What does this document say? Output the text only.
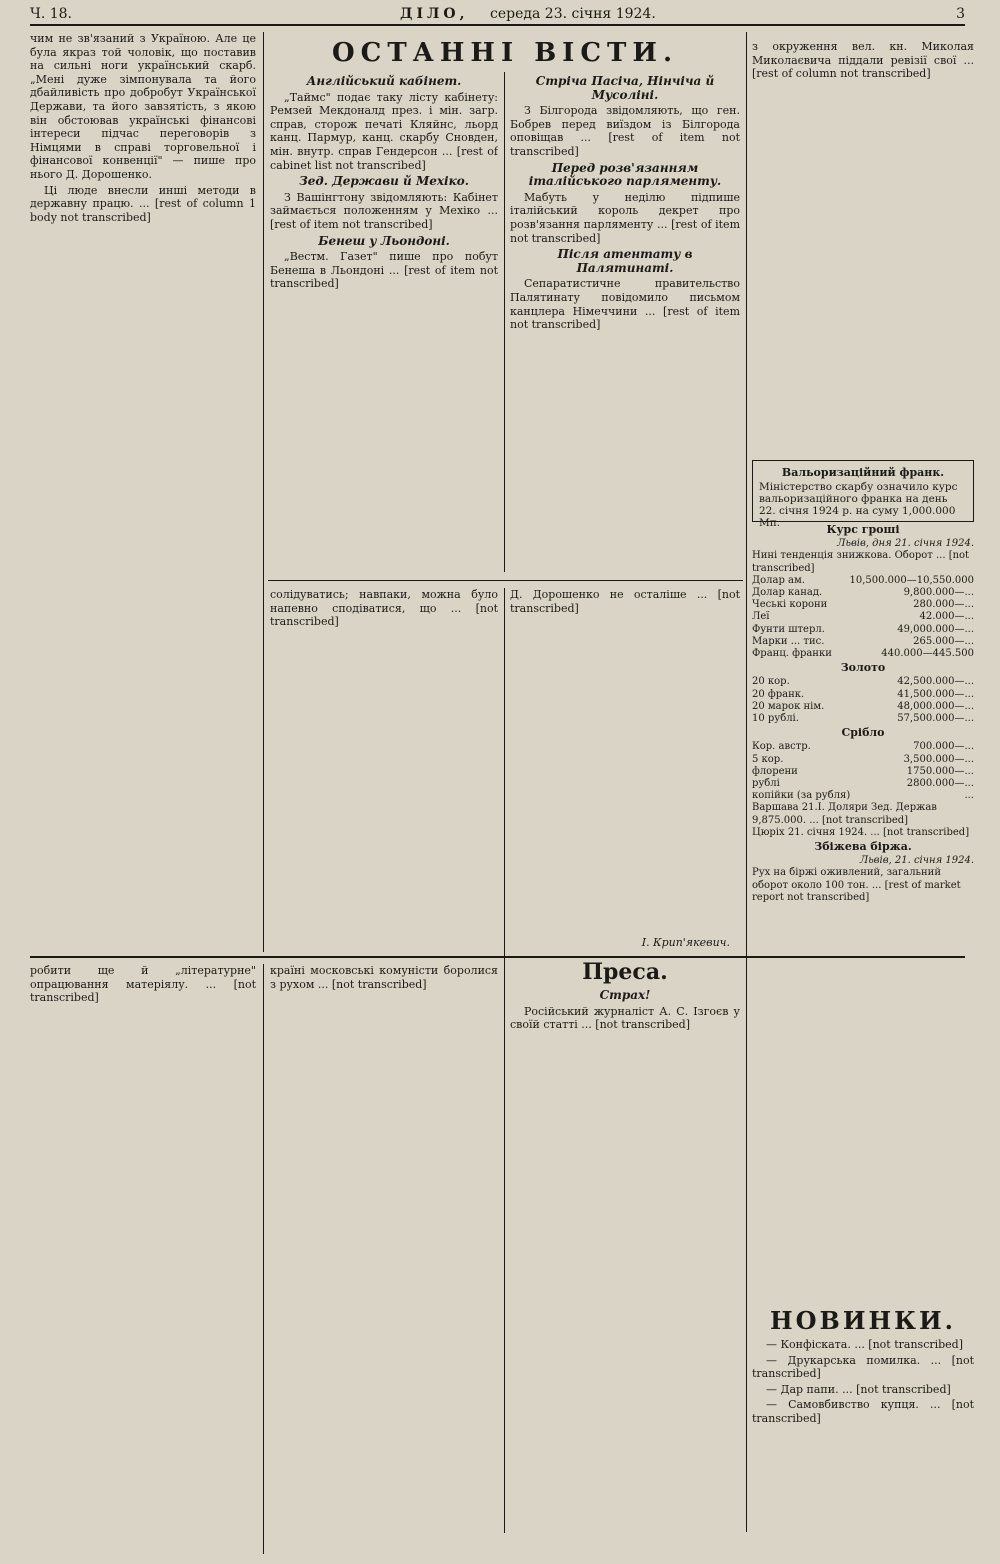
Ч. 18.	ДІЛО, середа 23. січня 1924.	3

чим не зв'язаний з Україною. Але це була якраз той чоловік, що поставив на сильні ноги український скарб. „Мені дуже зімпонувала та його дбайливість про добробут Української Держави, та його завзятість, з якою він обстоював українські фінансові інтереси підчас переговорів з Німцями в справі торговельної і фінансової конвенції" — пише про нього Д. Дорошенко.

Ці люде внесли инші методи в державну працю. ... [rest of column 1 body not transcribed]

ОСТАННІ ВІСТИ.
Англійський кабінет.

„Таймс" подає таку лісту кабінету: Ремзей Мекдоналд през. і мін. загр. справ, сторож печаті Кляйнс, льорд канц. Пармур, канц. скарбу Сновден, мін. внутр. справ Гендерсон ... [rest of cabinet list not transcribed]

Зед. Держави й Мехіко.

З Вашінгтону звідомляють: Кабінет займається положенням у Мехіко ... [rest of item not transcribed]

Бенеш у Льондоні.

„Вестм. Газет" пише про побут Бенеша в Льондоні ... [rest of item not transcribed]

Стріча Пасіча, Нінчіча й Мусоліні.

З Білгорода звідомляють, що ген. Бобрев перед виїздом із Білгорода оповіщав ... [rest of item not transcribed]

Перед розв'язанням італійського парляменту.

Мабуть у неділю підпише італійський король декрет про розв'язання парляменту ... [rest of item not transcribed]

Після атентату в Палятинаті.

Сепаратистичне правительство Палятинату повідомило письмом канцлера Німеччини ... [rest of item not transcribed]

з окруження вел. кн. Миколая Миколаєвича піддали ревізії свої ... [rest of column not transcribed]

Вальоризаційний франк.
Міністерство скарбу означило курс вальоризаційного франка на день 22. січня 1924 р. на суму 1,000.000 Мп.	Курс гроші
Львів, дня 21. січня 1924.
Нині тенденція знижкова. Оборот ... [not transcribed]
Долар ам.	10,500.000—10,550.000
Долар канад.	9,800.000—...
Чеські корони	280.000—...
Леї	42.000—...
Фунти штерл.	49,000.000—...
Марки ... тис.	265.000—...
Франц. франки	440.000—445.500
Золото
20 кор.	42,500.000—...
20 франк.	41,500.000—...
20 марок нім.	48,000.000—...
10 рублі.	57,500.000—...
Срібло
Кор. австр.	700.000—...
5 кор.	3,500.000—...
флорени	1750.000—...
рублі	2800.000—...
копійки (за рубля)	...
Варшава 21.І. Доляри Зед. Держав 9,875.000. ... [not transcribed]
Цюріх 21. січня 1924. ... [not transcribed]
Збіжева біржа.
Львів, 21. січня 1924.
Рух на біржі оживлений, загальний оборот около 100 тон. ... [rest of market report not transcribed]

солідуватись; навпаки, можна було напевно сподіватися, що ... [not transcribed]

Д. Дорошенко не осталіше ... [not transcribed]

І. Крип'якевич.

робити ще й „літературне" опрацювання матеріялу. ... [not transcribed]

країні московські комуністи боролися з рухом ... [not transcribed]	Преса.
Страх!

Російський журналіст А. С. Ізгоєв у своїй статті ... [not transcribed]

НОВИНКИ.

— Конфіската. ... [not transcribed]

— Друкарська помилка. ... [not transcribed]

— Дар папи. ... [not transcribed]

— Самовбивство купця. ... [not transcribed]
